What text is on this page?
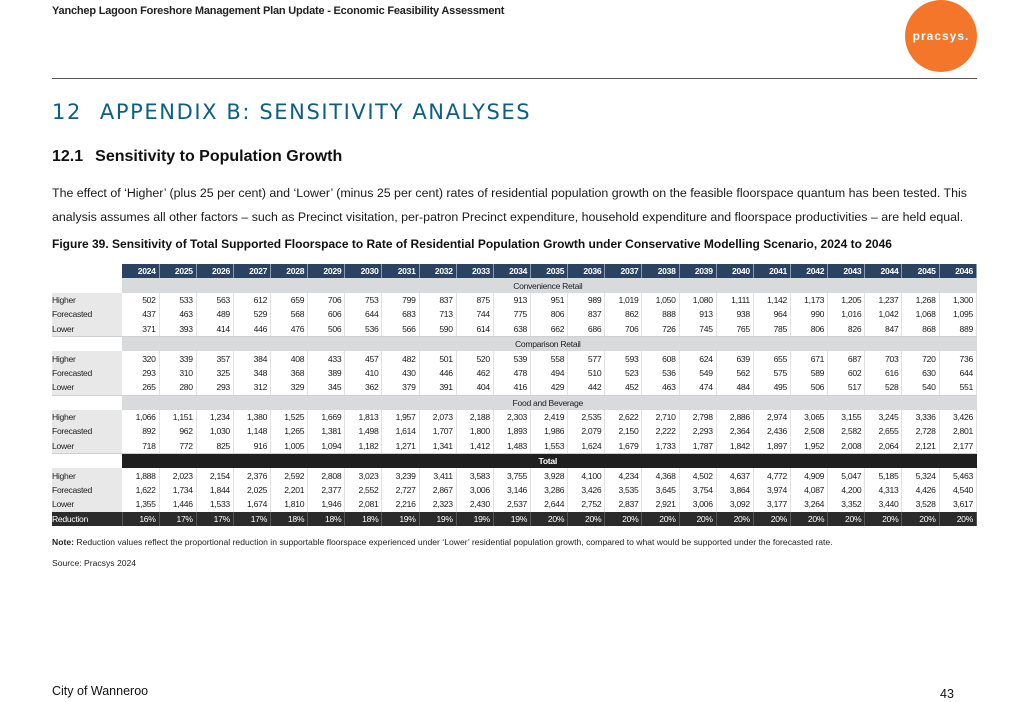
Yanchep Lagoon Foreshore Management Plan Update - Economic Feasibility Assessment
pracsys.
12 APPENDIX B: SENSITIVITY ANALYSES
12.1 Sensitivity to Population Growth
The effect of ‘Higher’ (plus 25 per cent) and ‘Lower’ (minus 25 per cent) rates of residential population growth on the feasible floorspace quantum has been tested. This analysis assumes all other factors – such as Precinct visitation, per-patron Precinct expenditure, household expenditure and floorspace productivities – are held equal.
Figure 39. Sensitivity of Total Supported Floorspace to Rate of Residential Population Growth under Conservative Modelling Scenario, 2024 to 2046
	2024	2025	2026	2027	2028	2029	2030	2031	2032	2033	2034	2035	2036	2037	2038	2039	2040	2041	2042	2043	2044	2045	2046
	Convenience Retail																						
Higher	502	533	563	612	659	706	753	799	837	875	913	951	989	1,019	1,050	1,080	1,111	1,142	1,173	1,205	1,237	1,268	1,300
Forecasted	437	463	489	529	568	606	644	683	713	744	775	806	837	862	888	913	938	964	990	1,016	1,042	1,068	1,095
Lower	371	393	414	446	476	506	536	566	590	614	638	662	686	706	726	745	765	785	806	826	847	868	889
	Comparison Retail																						
Higher	320	339	357	384	408	433	457	482	501	520	539	558	577	593	608	624	639	655	671	687	703	720	736
Forecasted	293	310	325	348	368	389	410	430	446	462	478	494	510	523	536	549	562	575	589	602	616	630	644
Lower	265	280	293	312	329	345	362	379	391	404	416	429	442	452	463	474	484	495	506	517	528	540	551
	Food and Beverage																						
Higher	1,066	1,151	1,234	1,380	1,525	1,669	1,813	1,957	2,073	2,188	2,303	2,419	2,535	2,622	2,710	2,798	2,886	2,974	3,065	3,155	3,245	3,336	3,426
Forecasted	892	962	1,030	1,148	1,265	1,381	1,498	1,614	1,707	1,800	1,893	1,986	2,079	2,150	2,222	2,293	2,364	2,436	2,508	2,582	2,655	2,728	2,801
Lower	718	772	825	916	1,005	1,094	1,182	1,271	1,341	1,412	1,483	1,553	1,624	1,679	1,733	1,787	1,842	1,897	1,952	2,008	2,064	2,121	2,177
	Total																						
Higher	1,888	2,023	2,154	2,376	2,592	2,808	3,023	3,239	3,411	3,583	3,755	3,928	4,100	4,234	4,368	4,502	4,637	4,772	4,909	5,047	5,185	5,324	5,463
Forecasted	1,622	1,734	1,844	2,025	2,201	2,377	2,552	2,727	2,867	3,006	3,146	3,286	3,426	3,535	3,645	3,754	3,864	3,974	4,087	4,200	4,313	4,426	4,540
Lower	1,355	1,446	1,533	1,674	1,810	1,946	2,081	2,216	2,323	2,430	2,537	2,644	2,752	2,837	2,921	3,006	3,092	3,177	3,264	3,352	3,440	3,528	3,617
Reduction	16%	17%	17%	17%	18%	18%	18%	19%	19%	19%	19%	20%	20%	20%	20%	20%	20%	20%	20%	20%	20%	20%	20%
Note: Reduction values reflect the proportional reduction in supportable floorspace experienced under ‘Lower’ residential population growth, compared to what would be supported under the forecasted rate.
Source: Pracsys 2024
City of Wanneroo	43
